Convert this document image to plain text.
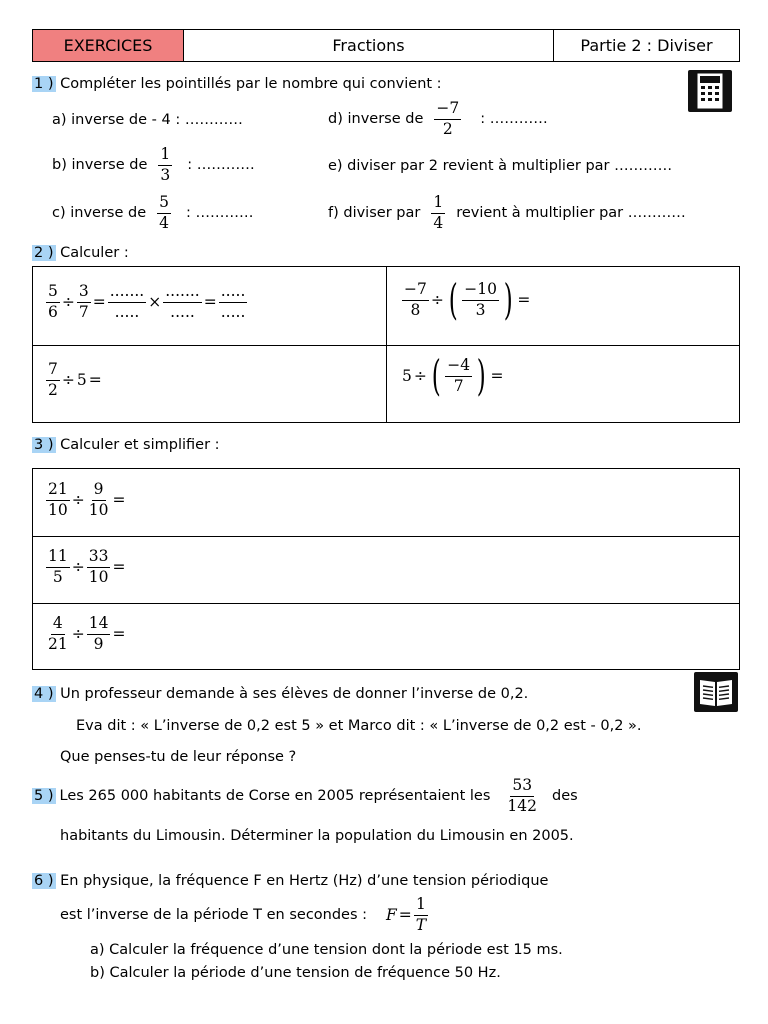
EXERCICES	Fractions	Partie 2 : Diviser
1 ) Compléter les pointillés par le nombre qui convient :
a) inverse de - 4 : …………
b) inverse de $\frac{1}{3}$ : …………
c) inverse de $\frac{5}{4}$ : …………
d) inverse de $\frac{-7}{2}$ : …………
e) diviser par 2 revient à multiplier par …………
f) diviser par $\frac{1}{4}$ revient à multiplier par …………
2 ) Calculer :
$\frac{5}{6} \div \frac{3}{7} = \frac{.......}{.....} \times \frac{.......}{.....} = \frac{.....}{.....}$	$\frac{-7}{8}$ ÷ ( $\frac{-10}{3}$ ) =
$\frac{7}{2} \div 5$ =	5 ÷ ( $\frac{-4}{7}$ ) =
3 ) Calculer et simplifier :
$\frac{21}{10} \div \frac{9}{10}$ =
$\frac{11}{5} \div \frac{33}{10}$ =
$\frac{4}{21} \div \frac{14}{9}$ =
4 ) Un professeur demande à ses élèves de donner l’inverse de 0,2.
Eva dit : « L’inverse de 0,2 est 5 » et Marco dit : « L’inverse de 0,2 est - 0,2 ».
Que penses-tu de leur réponse ?
5 ) Les 265 000 habitants de Corse en 2005 représentaient les $\frac{53}{142}$ des
habitants du Limousin. Déterminer la population du Limousin en 2005.
6 ) En physique, la fréquence F en Hertz (Hz) d’une tension périodique
est l’inverse de la période T en secondes : $F = \frac{1}{T}$
a) Calculer la fréquence d’une tension dont la période est 15 ms.
b) Calculer la période d’une tension de fréquence 50 Hz.
